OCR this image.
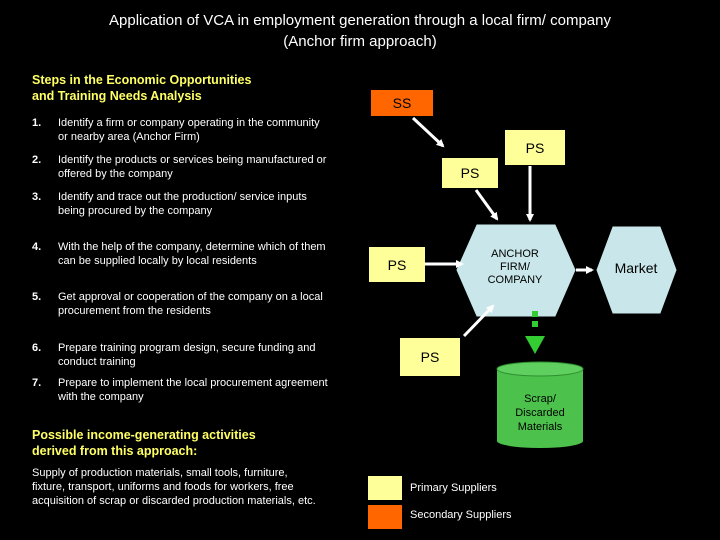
Application of VCA in employment generation through a local firm/ company
(Anchor firm approach)
Steps in the Economic Opportunities
and Training Needs Analysis
1. Identify a firm or company operating in the community or nearby area (Anchor Firm)
2. Identify the products or services being manufactured or offered by the company
3. Identify and trace out the production/ service inputs being procured by the company
4. With the help of the company, determine which of them can be supplied locally by local residents
5. Get approval or cooperation of the company on a local procurement from the residents
6. Prepare training program design, secure funding and conduct training
7. Prepare to implement the local procurement agreement with the company
Possible income-generating activities
derived from this approach:
Supply of production materials, small tools, furniture, fixture, transport, uniforms and foods for workers, free acquisition of scrap or discarded production materials, etc.
SS
PS
PS
PS
PS
ANCHOR
FIRM/
COMPANY
Market
Scrap/
Discarded
Materials
Primary Suppliers
Secondary Suppliers
